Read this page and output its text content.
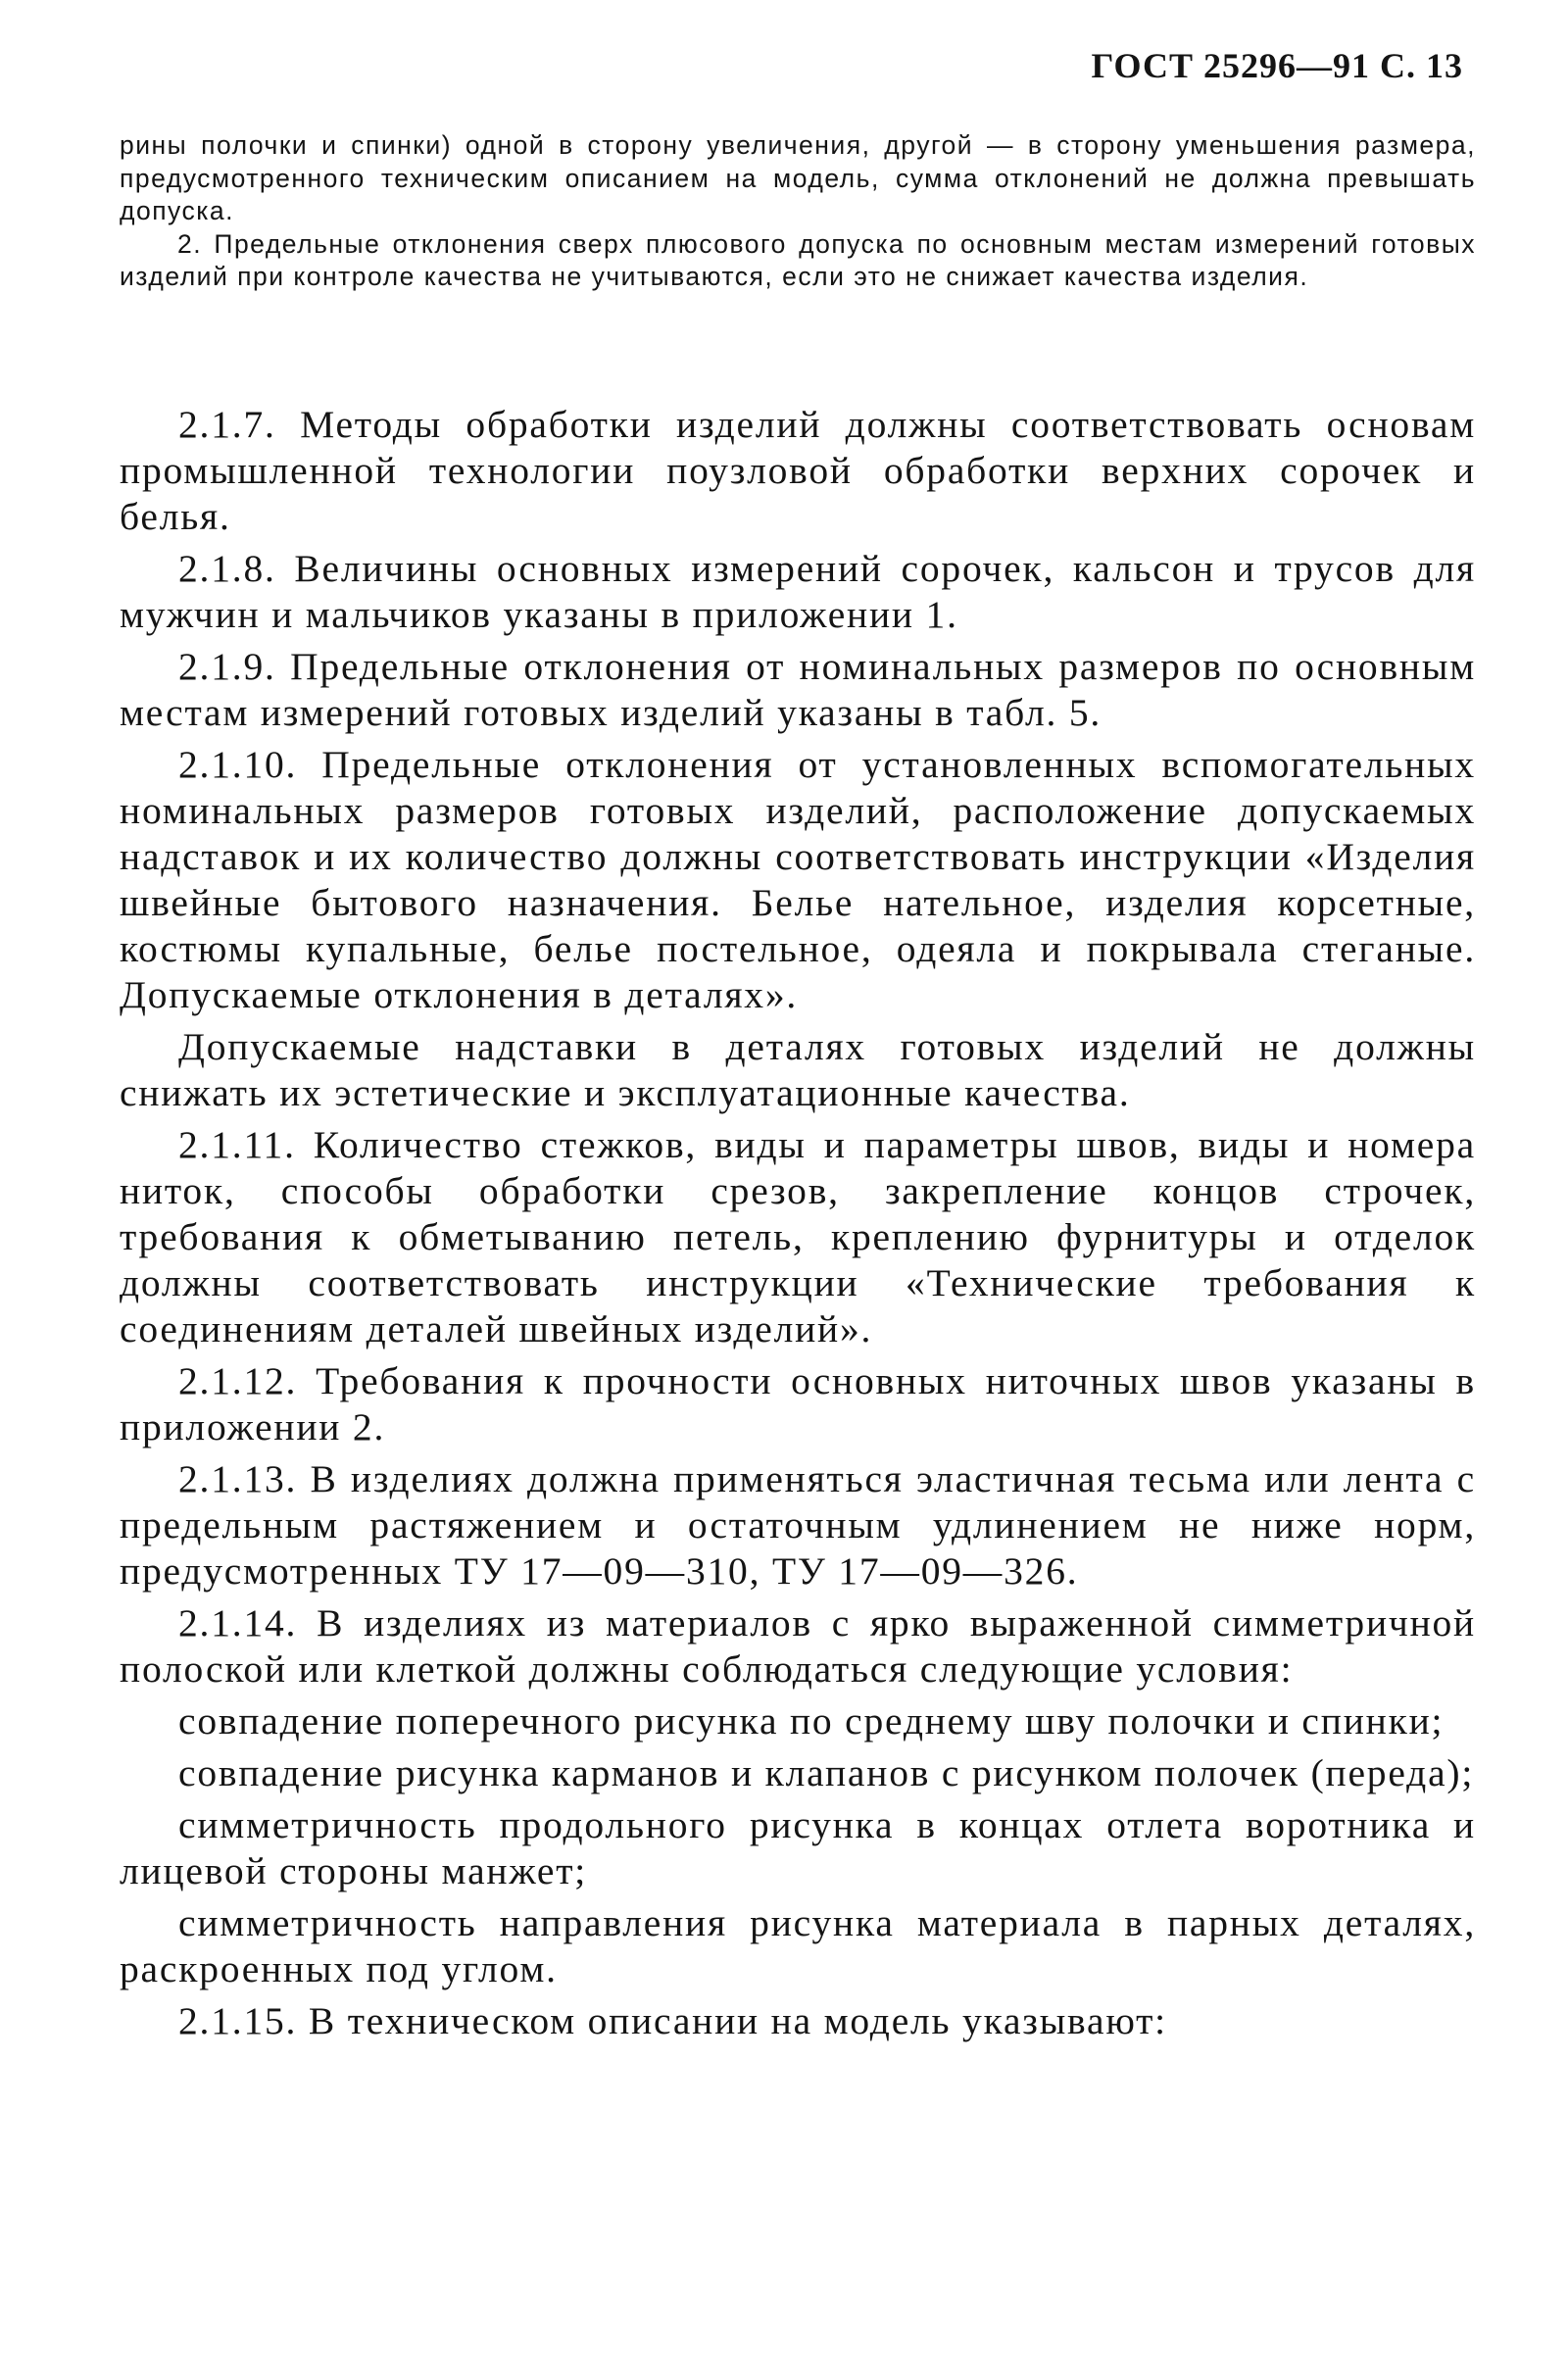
ГОСТ 25296—91 С. 13

рины полочки и спинки) одной в сторону увеличения, другой — в сторону уменьшения размера, предусмотренного техническим описанием на модель, сумма отклонений не должна превышать допуска.

2. Предельные отклонения сверх плюсового допуска по основным местам измерений готовых изделий при контроле качества не учитываются, если это не снижает качества изделия.

2.1.7. Методы обработки изделий должны соответствовать основам промышленной технологии поузловой обработки верхних сорочек и белья.

2.1.8. Величины основных измерений сорочек, кальсон и трусов для мужчин и мальчиков указаны в приложении 1.

2.1.9. Предельные отклонения от номинальных размеров по основным местам измерений готовых изделий указаны в табл. 5.

2.1.10. Предельные отклонения от установленных вспомогательных номинальных размеров готовых изделий, расположение допускаемых надставок и их количество должны соответствовать инструкции «Изделия швейные бытового назначения. Белье нательное, изделия корсетные, костюмы купальные, белье постельное, одеяла и покрывала стеганые. Допускаемые отклонения в деталях».

Допускаемые надставки в деталях готовых изделий не должны снижать их эстетические и эксплуатационные качества.

2.1.11. Количество стежков, виды и параметры швов, виды и номера ниток, способы обработки срезов, закрепление концов строчек, требования к обметыванию петель, креплению фурнитуры и отделок должны соответствовать инструкции «Технические требования к соединениям деталей швейных изделий».

2.1.12. Требования к прочности основных ниточных швов указаны в приложении 2.

2.1.13. В изделиях должна применяться эластичная тесьма или лента с предельным растяжением и остаточным удлинением не ниже норм, предусмотренных ТУ 17—09—310, ТУ 17—09—326.

2.1.14. В изделиях из материалов с ярко выраженной симметричной полоской или клеткой должны соблюдаться следующие условия:

совпадение поперечного рисунка по среднему шву полочки и спинки;

совпадение рисунка карманов и клапанов с рисунком полочек (переда);

симметричность продольного рисунка в концах отлета воротника и лицевой стороны манжет;

симметричность направления рисунка материала в парных деталях, раскроенных под углом.

2.1.15. В техническом описании на модель указывают:
